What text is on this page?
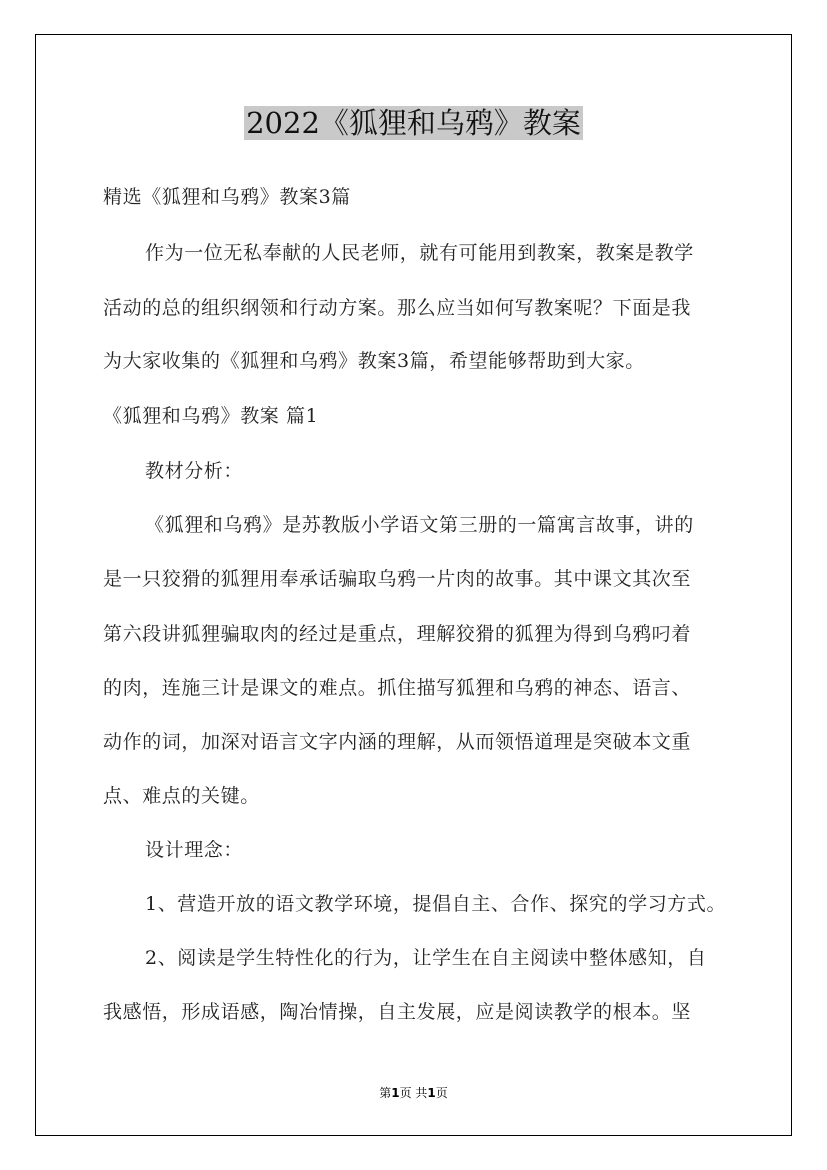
2022《狐狸和乌鸦》教案
精选《狐狸和乌鸦》教案3篇
作为一位无私奉献的人民老师，就有可能用到教案，教案是教学
活动的总的组织纲领和行动方案。那么应当如何写教案呢？下面是我
为大家收集的《狐狸和乌鸦》教案3篇，希望能够帮助到大家。
《狐狸和乌鸦》教案 篇1
教材分析：
《狐狸和乌鸦》是苏教版小学语文第三册的一篇寓言故事，讲的
是一只狡猾的狐狸用奉承话骗取乌鸦一片肉的故事。其中课文其次至
第六段讲狐狸骗取肉的经过是重点，理解狡猾的狐狸为得到乌鸦叼着
的肉，连施三计是课文的难点。抓住描写狐狸和乌鸦的神态、语言、
动作的词，加深对语言文字内涵的理解，从而领悟道理是突破本文重
点、难点的关键。
设计理念：
1、营造开放的语文教学环境，提倡自主、合作、探究的学习方式。
2、阅读是学生特性化的行为，让学生在自主阅读中整体感知，自
我感悟，形成语感，陶冶情操，自主发展，应是阅读教学的根本。坚
第1页 共1页
